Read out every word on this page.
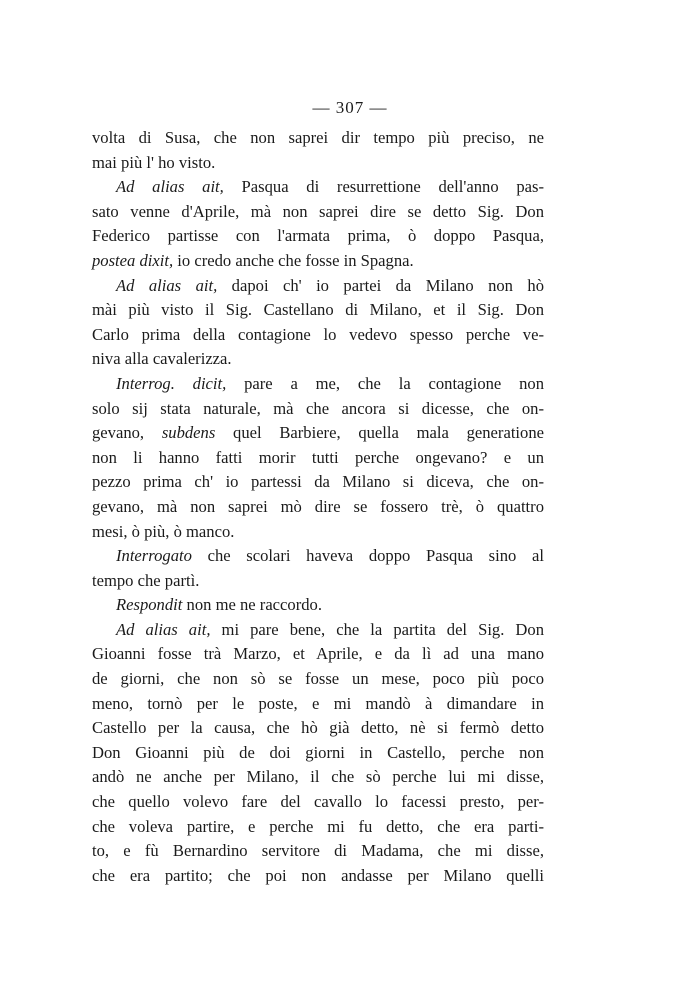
— 307 —
volta di Susa, che non saprei dir tempo più preciso, ne
mai più l' ho visto.
Ad alias ait, Pasqua di resurrettione dell'anno pas-
sato venne d'Aprile, mà non saprei dire se detto Sig. Don
Federico partisse con l'armata prima, ò doppo Pasqua,
postea dixit, io credo anche che fosse in Spagna.
Ad alias ait, dapoi ch' io partei da Milano non hò
mài più visto il Sig. Castellano di Milano, et il Sig. Don
Carlo prima della contagione lo vedevo spesso perche ve-
niva alla cavalerizza.
Interrog. dicit, pare a me, che la contagione non
solo sij stata naturale, mà che ancora si dicesse, che on-
gevano, subdens quel Barbiere, quella mala generatione
non li hanno fatti morir tutti perche ongevano? e un
pezzo prima ch' io partessi da Milano si diceva, che on-
gevano, mà non saprei mò dire se fossero trè, ò quattro
mesi, ò più, ò manco.
Interrogato che scolari haveva doppo Pasqua sino al
tempo che partì.
Respondit non me ne raccordo.
Ad alias ait, mi pare bene, che la partita del Sig. Don
Gioanni fosse trà Marzo, et Aprile, e da lì ad una mano
de giorni, che non sò se fosse un mese, poco più poco
meno, tornò per le poste, e mi mandò à dimandare in
Castello per la causa, che hò già detto, nè si fermò detto
Don Gioanni più de doi giorni in Castello, perche non
andò ne anche per Milano, il che sò perche lui mi disse,
che quello volevo fare del cavallo lo facessi presto, per-
che voleva partire, e perche mi fu detto, che era parti-
to, e fù Bernardino servitore di Madama, che mi disse,
che era partito; che poi non andasse per Milano quelli
